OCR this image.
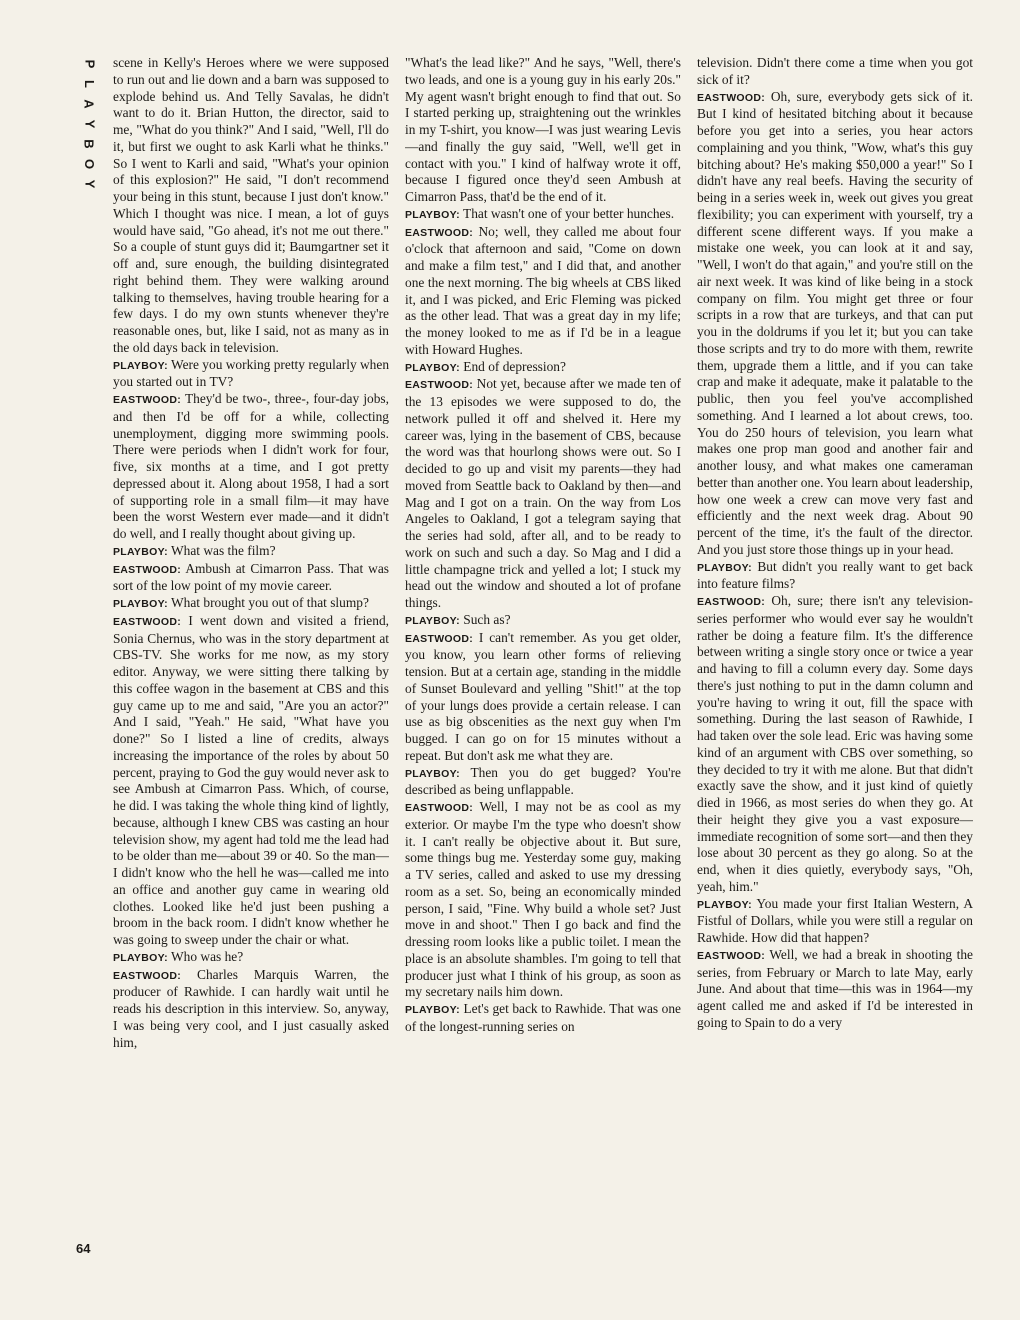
P
L
A
Y
B
O
Y
64

scene in Kelly's Heroes where we were supposed to run out and lie down and a barn was supposed to explode behind us. And Telly Savalas, he didn't want to do it. Brian Hutton, the director, said to me, "What do you think?" And I said, "Well, I'll do it, but first we ought to ask Karli what he thinks." So I went to Karli and said, "What's your opinion of this explosion?" He said, "I don't recommend your being in this stunt, because I just don't know." Which I thought was nice. I mean, a lot of guys would have said, "Go ahead, it's not me out there." So a couple of stunt guys did it; Baumgartner set it off and, sure enough, the building disintegrated right behind them. They were walking around talking to themselves, having trouble hearing for a few days. I do my own stunts whenever they're reasonable ones, but, like I said, not as many as in the old days back in television.

PLAYBOY: Were you working pretty regularly when you started out in TV?

EASTWOOD: They'd be two-, three-, four-day jobs, and then I'd be off for a while, collecting unemployment, digging more swimming pools. There were periods when I didn't work for four, five, six months at a time, and I got pretty depressed about it. Along about 1958, I had a sort of supporting role in a small film—it may have been the worst Western ever made—and it didn't do well, and I really thought about giving up.

PLAYBOY: What was the film?

EASTWOOD: Ambush at Cimarron Pass. That was sort of the low point of my movie career.

PLAYBOY: What brought you out of that slump?

EASTWOOD: I went down and visited a friend, Sonia Chernus, who was in the story department at CBS-TV. She works for me now, as my story editor. Anyway, we were sitting there talking by this coffee wagon in the basement at CBS and this guy came up to me and said, "Are you an actor?" And I said, "Yeah." He said, "What have you done?" So I listed a line of credits, always increasing the importance of the roles by about 50 percent, praying to God the guy would never ask to see Ambush at Cimarron Pass. Which, of course, he did. I was taking the whole thing kind of lightly, because, although I knew CBS was casting an hour television show, my agent had told me the lead had to be older than me—about 39 or 40. So the man—I didn't know who the hell he was—called me into an office and another guy came in wearing old clothes. Looked like he'd just been pushing a broom in the back room. I didn't know whether he was going to sweep under the chair or what.

PLAYBOY: Who was he?

EASTWOOD: Charles Marquis Warren, the producer of Rawhide. I can hardly wait until he reads his description in this interview. So, anyway, I was being very cool, and I just casually asked him,

"What's the lead like?" And he says, "Well, there's two leads, and one is a young guy in his early 20s." My agent wasn't bright enough to find that out. So I started perking up, straightening out the wrinkles in my T-shirt, you know—I was just wearing Levis—and finally the guy said, "Well, we'll get in contact with you." I kind of halfway wrote it off, because I figured once they'd seen Ambush at Cimarron Pass, that'd be the end of it.

PLAYBOY: That wasn't one of your better hunches.

EASTWOOD: No; well, they called me about four o'clock that afternoon and said, "Come on down and make a film test," and I did that, and another one the next morning. The big wheels at CBS liked it, and I was picked, and Eric Fleming was picked as the other lead. That was a great day in my life; the money looked to me as if I'd be in a league with Howard Hughes.

PLAYBOY: End of depression?

EASTWOOD: Not yet, because after we made ten of the 13 episodes we were supposed to do, the network pulled it off and shelved it. Here my career was, lying in the basement of CBS, because the word was that hourlong shows were out. So I decided to go up and visit my parents—they had moved from Seattle back to Oakland by then—and Mag and I got on a train. On the way from Los Angeles to Oakland, I got a telegram saying that the series had sold, after all, and to be ready to work on such and such a day. So Mag and I did a little champagne trick and yelled a lot; I stuck my head out the window and shouted a lot of profane things.

PLAYBOY: Such as?

EASTWOOD: I can't remember. As you get older, you know, you learn other forms of relieving tension. But at a certain age, standing in the middle of Sunset Boulevard and yelling "Shit!" at the top of your lungs does provide a certain release. I can use as big obscenities as the next guy when I'm bugged. I can go on for 15 minutes without a repeat. But don't ask me what they are.

PLAYBOY: Then you do get bugged? You're described as being unflappable.

EASTWOOD: Well, I may not be as cool as my exterior. Or maybe I'm the type who doesn't show it. I can't really be objective about it. But sure, some things bug me. Yesterday some guy, making a TV series, called and asked to use my dressing room as a set. So, being an economically minded person, I said, "Fine. Why build a whole set? Just move in and shoot." Then I go back and find the dressing room looks like a public toilet. I mean the place is an absolute shambles. I'm going to tell that producer just what I think of his group, as soon as my secretary nails him down.

PLAYBOY: Let's get back to Rawhide. That was one of the longest-running series on

television. Didn't there come a time when you got sick of it?

EASTWOOD: Oh, sure, everybody gets sick of it. But I kind of hesitated bitching about it because before you get into a series, you hear actors complaining and you think, "Wow, what's this guy bitching about? He's making $50,000 a year!" So I didn't have any real beefs. Having the security of being in a series week in, week out gives you great flexibility; you can experiment with yourself, try a different scene different ways. If you make a mistake one week, you can look at it and say, "Well, I won't do that again," and you're still on the air next week. It was kind of like being in a stock company on film. You might get three or four scripts in a row that are turkeys, and that can put you in the doldrums if you let it; but you can take those scripts and try to do more with them, rewrite them, upgrade them a little, and if you can take crap and make it adequate, make it palatable to the public, then you feel you've accomplished something. And I learned a lot about crews, too. You do 250 hours of television, you learn what makes one prop man good and another fair and another lousy, and what makes one cameraman better than another one. You learn about leadership, how one week a crew can move very fast and efficiently and the next week drag. About 90 percent of the time, it's the fault of the director. And you just store those things up in your head.

PLAYBOY: But didn't you really want to get back into feature films?

EASTWOOD: Oh, sure; there isn't any television-series performer who would ever say he wouldn't rather be doing a feature film. It's the difference between writing a single story once or twice a year and having to fill a column every day. Some days there's just nothing to put in the damn column and you're having to wring it out, fill the space with something. During the last season of Rawhide, I had taken over the sole lead. Eric was having some kind of an argument with CBS over something, so they decided to try it with me alone. But that didn't exactly save the show, and it just kind of quietly died in 1966, as most series do when they go. At their height they give you a vast exposure—immediate recognition of some sort—and then they lose about 30 percent as they go along. So at the end, when it dies quietly, everybody says, "Oh, yeah, him."

PLAYBOY: You made your first Italian Western, A Fistful of Dollars, while you were still a regular on Rawhide. How did that happen?

EASTWOOD: Well, we had a break in shooting the series, from February or March to late May, early June. And about that time—this was in 1964—my agent called me and asked if I'd be interested in going to Spain to do a very
